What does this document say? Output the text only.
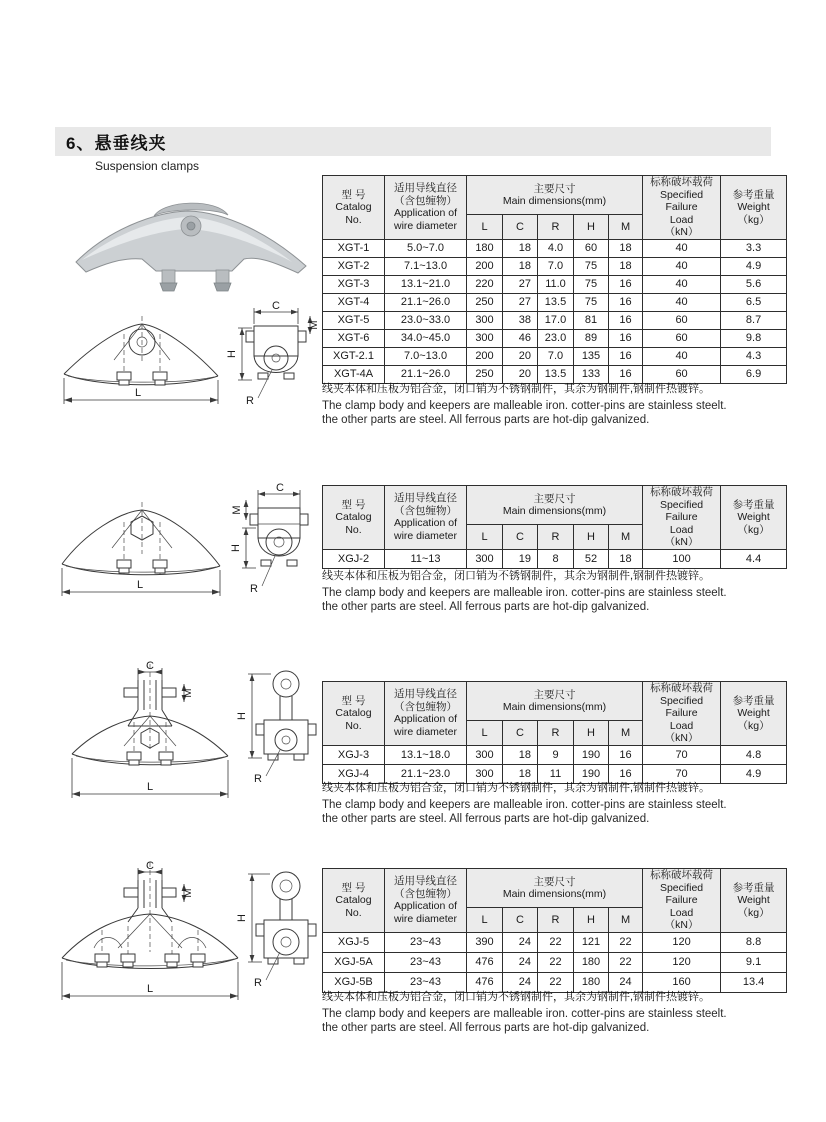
6、悬垂线夹
Suspension clamps
L
C
M
H
R
型 号
Catalog
No.

适用导线直径
（含包缠物）
Application of
wire diameter

主要尺寸
Main dimensions(mm)

标称破坏载荷
Specified Failure
Load
（kN）

参考重量
Weight
（kg）

		L	C	R	H	M		
XGT-1	5.0~7.0	180	18	4.0	60	18	40	3.3
XGT-2	7.1~13.0	200	18	7.0	75	18	40	4.9
XGT-3	13.1~21.0	220	27	11.0	75	16	40	5.6
XGT-4	21.1~26.0	250	27	13.5	75	16	40	6.5
XGT-5	23.0~33.0	300	38	17.0	81	16	60	8.7
XGT-6	34.0~45.0	300	46	23.0	89	16	60	9.8
XGT-2.1	7.0~13.0	200	20	7.0	135	16	40	4.3
XGT-4A	21.1~26.0	250	20	13.5	133	16	60	6.9

线夹本体和压板为铝合金，闭口销为不锈钢制件，其余为钢制件,钢制件热镀锌。

The clamp body and keepers are malleable iron. cotter-pins are stainless steelt.
the other parts are steel. All ferrous parts are hot-dip galvanized.

L
C
M
H
R
型 号
Catalog
No.

适用导线直径
（含包缠物）
Application of
wire diameter

主要尺寸
Main dimensions(mm)

标称破坏载荷
Specified Failure
Load
（kN）

参考重量
Weight
（kg）

		L	C	R	H	M		
XGJ-2	11~13	300	19	8	52	18	100	4.4

线夹本体和压板为铝合金，闭口销为不锈钢制件，其余为钢制件,钢制件热镀锌。

The clamp body and keepers are malleable iron. cotter-pins are stainless steelt.
the other parts are steel. All ferrous parts are hot-dip galvanized.

C
M
L
H
R
型 号
Catalog
No.

适用导线直径
（含包缠物）
Application of
wire diameter

主要尺寸
Main dimensions(mm)

标称破坏载荷
Specified Failure
Load
（kN）

参考重量
Weight
（kg）

		L	C	R	H	M		
XGJ-3	13.1~18.0	300	18	9	190	16	70	4.8
XGJ-4	21.1~23.0	300	18	11	190	16	70	4.9

线夹本体和压板为铝合金，闭口销为不锈钢制件，其余为钢制件,钢制件热镀锌。

The clamp body and keepers are malleable iron. cotter-pins are stainless steelt.
the other parts are steel. All ferrous parts are hot-dip galvanized.

C
M
L
H
R
型 号
Catalog
No.

适用导线直径
（含包缠物）
Application of
wire diameter

主要尺寸
Main dimensions(mm)

标称破坏载荷
Specified Failure
Load
（kN）

参考重量
Weight
（kg）

		L	C	R	H	M		
XGJ-5	23~43	390	24	22	121	22	120	8.8
XGJ-5A	23~43	476	24	22	180	22	120	9.1
XGJ-5B	23~43	476	24	22	180	24	160	13.4

线夹本体和压板为铝合金，闭口销为不锈钢制件，其余为钢制件,钢制件热镀锌。

The clamp body and keepers are malleable iron. cotter-pins are stainless steelt.
the other parts are steel. All ferrous parts are hot-dip galvanized.
